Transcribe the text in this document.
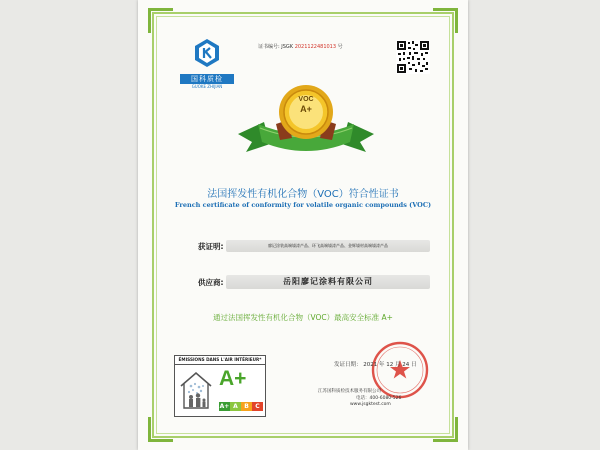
国科质检
GUOKE ZHIJIAN
证书编号: JSGK 2021122481013 号
VOC
A+
法国挥发性有机化合物（VOC）符合性证书
French certificate of conformity for volatile organic compounds (VOC)
获证明:	廖记涂装高端墙漆产品、环飞高端墙漆产品、金辉墙材高端墙漆产品
供应商:	岳阳廖记涂料有限公司
通过法国挥发性有机化合物（VOC）最高安全标准 A+
ÉMISSIONS DANS L'AIR INTÉRIEUR*
A+
A+ A	B	C
发证日期： 2021 年 12 月 24 日
江苏国科质检技术服务有限公司
电话：400-6080-526
www.jsgktest.com
